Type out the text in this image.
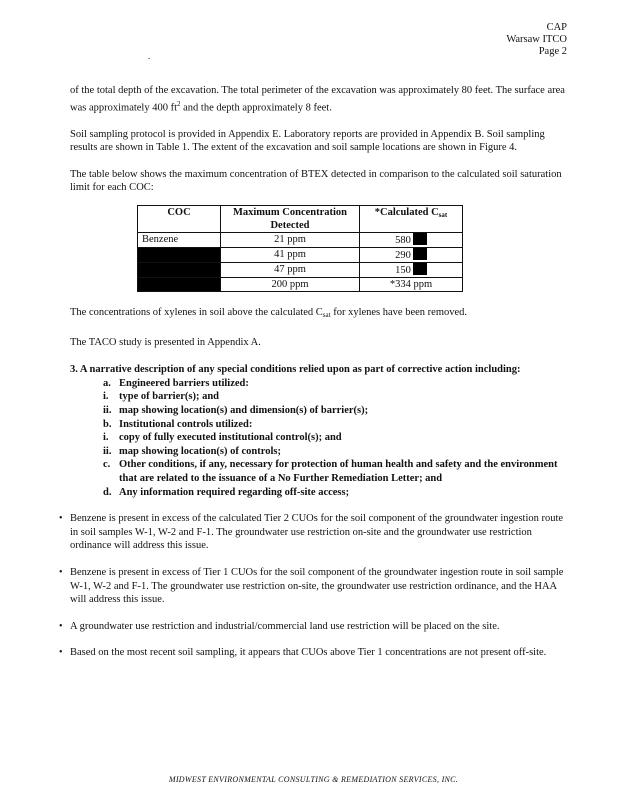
CAP
Warsaw ITCO
Page 2
.

of the total depth of the excavation. The total perimeter of the excavation was approximately 80 feet. The surface area was approximately 400 $ft^2$ and the depth approximately 8 feet.

Soil sampling protocol is provided in Appendix E. Laboratory reports are provided in Appendix B. Soil sampling results are shown in Table 1. The extent of the excavation and soil sample locations are shown in Figure 4.

The table below shows the maximum concentration of BTEX detected in comparison to the calculated soil saturation limit for each COC:

COC	Maximum Concentration Detected	*Calculated $C_{sat}$
Benzene	21 ppm	580
	41 ppm	290
	47 ppm	150
	200 ppm	*334 ppm

The concentrations of xylenes in soil above the calculated $C_{sat}$ for xylenes have been removed.

The TACO study is presented in Appendix A.

3. A narrative description of any special conditions relied upon as part of corrective action including:

a. Engineered barriers utilized:
i. type of barrier(s); and
ii. map showing location(s) and dimension(s) of barrier(s);
b. Institutional controls utilized:
i. copy of fully executed institutional control(s); and
ii. map showing location(s) of controls;
c. Other conditions, if any, necessary for protection of human health and safety and the environment that are related to the issuance of a No Further Remediation Letter; and
d. Any information required regarding off-site access;
• Benzene is present in excess of the calculated Tier 2 CUOs for the soil component of the groundwater ingestion route in soil samples W-1, W-2 and F-1. The groundwater use restriction on-site and the groundwater use restriction ordinance will address this issue.
• Benzene is present in excess of Tier 1 CUOs for the soil component of the groundwater ingestion route in soil sample W-1, W-2 and F-1. The groundwater use restriction on-site, the groundwater use restriction ordinance, and the HAA will address this issue.
• A groundwater use restriction and industrial/commercial land use restriction will be placed on the site.
• Based on the most recent soil sampling, it appears that CUOs above Tier 1 concentrations are not present off-site.
MIDWEST ENVIRONMENTAL CONSULTING & REMEDIATION SERVICES, INC.
